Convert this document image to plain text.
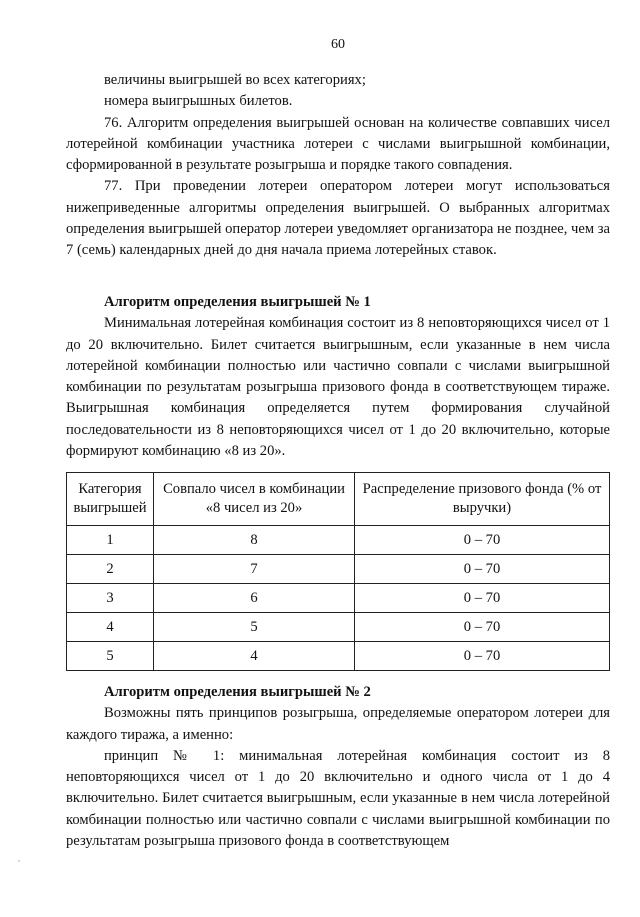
60

величины выигрышей во всех категориях;

номера выигрышных билетов.

76. Алгоритм определения выигрышей основан на количестве совпавших чисел лотерейной комбинации участника лотереи с числами выигрышной комбинации, сформированной в результате розыгрыша и порядке такого совпадения.

77. При проведении лотереи оператором лотереи могут использоваться нижеприведенные алгоритмы определения выигрышей. О выбранных алгоритмах определения выигрышей оператор лотереи уведомляет организатора не позднее, чем за 7 (семь) календарных дней до дня начала приема лотерейных ставок.

Алгоритм определения выигрышей № 1

Минимальная лотерейная комбинация состоит из 8 неповторяющихся чисел от 1 до 20 включительно. Билет считается выигрышным, если указанные в нем числа лотерейной комбинации полностью или частично совпали с числами выигрышной комбинации по результатам розыгрыша призового фонда в соответствующем тираже. Выигрышная комбинация определяется путем формирования случайной последовательности из 8 неповторяющихся чисел от 1 до 20 включительно, которые формируют комбинацию «8 из 20».

Категория выигрышей	Совпало чисел в комбинации «8 чисел из 20»	Распределение призового фонда (% от выручки)
1	8	0 – 70
2	7	0 – 70
3	6	0 – 70
4	5	0 – 70
5	4	0 – 70

Алгоритм определения выигрышей № 2

Возможны пять принципов розыгрыша, определяемые оператором лотереи для каждого тиража, а именно:

принцип № 1: минимальная лотерейная комбинация состоит из 8 неповторяющихся чисел от 1 до 20 включительно и одного числа от 1 до 4 включительно. Билет считается выигрышным, если указанные в нем числа лотерейной комбинации полностью или частично совпали с числами выигрышной комбинации по результатам розыгрыша призового фонда в соответствующем
